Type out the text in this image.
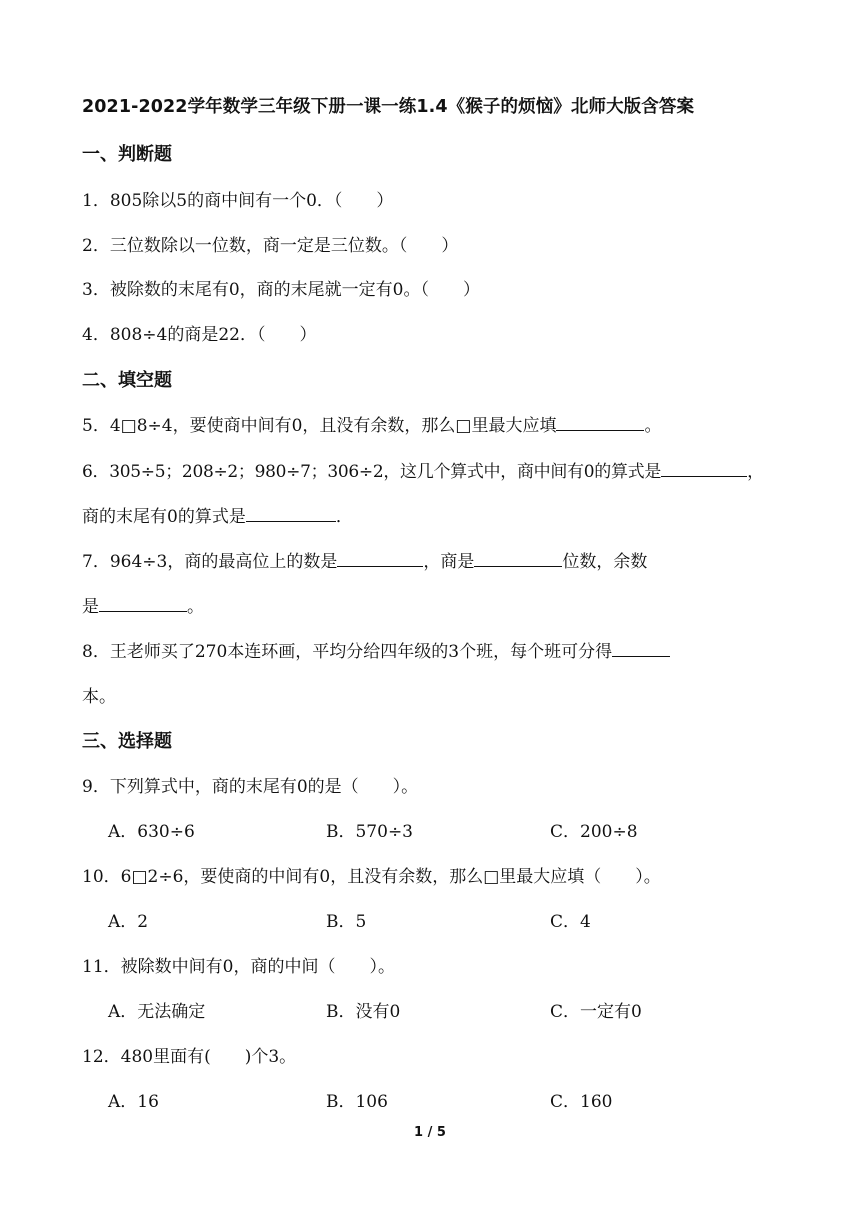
2021-2022学年数学三年级下册一课一练1.4《猴子的烦恼》北师大版含答案
一、判断题
1．805除以5的商中间有一个0．（　　）
2．三位数除以一位数，商一定是三位数。（　　）
3．被除数的末尾有0，商的末尾就一定有0。（　　）
4．808÷4的商是22．（　　）
二、填空题
5．4□8÷4，要使商中间有0，且没有余数，那么□里最大应填	。
6．305÷5；208÷2；980÷7；306÷2，这几个算式中，商中间有0的算式是	，
商的末尾有0的算式是	．
7．964÷3，商的最高位上的数是	，商是	位数，余数
是	。
8．王老师买了270本连环画，平均分给四年级的3个班，每个班可分得
本。
三、选择题
9．下列算式中，商的末尾有0的是（　　）。
A．630÷6	B．570÷3	C．200÷8
10．6□2÷6，要使商的中间有0，且没有余数，那么□里最大应填（　　）。
A．2	B．5	C．4
11．被除数中间有0，商的中间（　　）。
A．无法确定	B．没有0	C．一定有0
12．480里面有(　　)个3。
A．16	B．106	C．160
1 / 5
